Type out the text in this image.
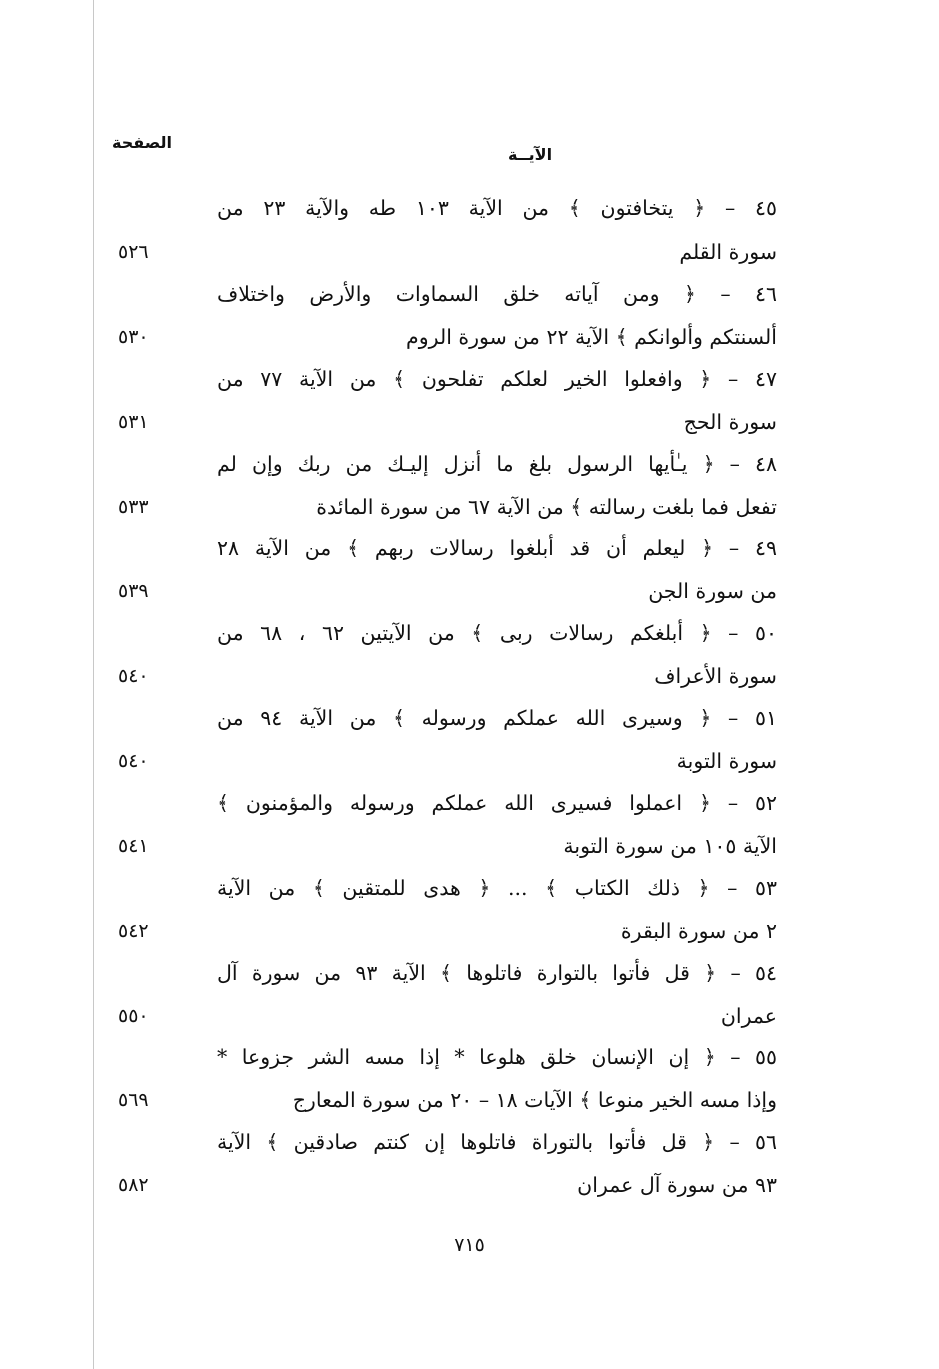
الصفحة
الآيــة
٤٥ – ﴿ يتخافتون ﴾ من الآية ١٠٣ طه والآية ٢٣ من
سورة القلم
٥٢٦
٤٦ – ﴿ ومن آياته خلق السماوات والأرض واختلاف
ألسنتكم وألوانكم ﴾ الآية ٢٢ من سورة الروم
٥٣٠
٤٧ – ﴿ وافعلوا الخير لعلكم تفلحون ﴾ من الآية ٧٧ من
سورة الحج
٥٣١
٤٨ – ﴿ يـٰأيها الرسول بلغ ما أنزل إليـك من ربك وإن لم
تفعل فما بلغت رسالته ﴾ من الآية ٦٧ من سورة المائدة
٥٣٣
٤٩ – ﴿ ليعلم أن قد أبلغوا رسالات ربهم ﴾ من الآية ٢٨
من سورة الجن
٥٣٩
٥٠ – ﴿ أبلغكم رسالات ربى ﴾ من الآيتين ٦٢ ، ٦٨ من
سورة الأعراف
٥٤٠
٥١ – ﴿ وسيرى الله عملكم ورسوله ﴾ من الآية ٩٤ من
سورة التوبة
٥٤٠
٥٢ – ﴿ اعملوا فسيرى الله عملكم ورسوله والمؤمنون ﴾
الآية ١٠٥ من سورة التوبة
٥٤١
٥٣ – ﴿ ذلك الكتاب ﴾ ... ﴿ هدى للمتقين ﴾ من الآية
٢ من سورة البقرة
٥٤٢
٥٤ – ﴿ قل فأتوا بالتوارة فاتلوها ﴾ الآية ٩٣ من سورة آل
عمران
٥٥٠
٥٥ – ﴿ إن الإنسان خلق هلوعا * إذا مسه الشر جزوعا *
وإذا مسه الخير منوعا ﴾ الآيات ١٨ – ٢٠ من سورة المعارج
٥٦٩
٥٦ – ﴿ قل فأتوا بالتوراة فاتلوها إن كنتم صادقين ﴾ الآية
٩٣ من سورة آل عمران
٥٨٢
٧١٥
